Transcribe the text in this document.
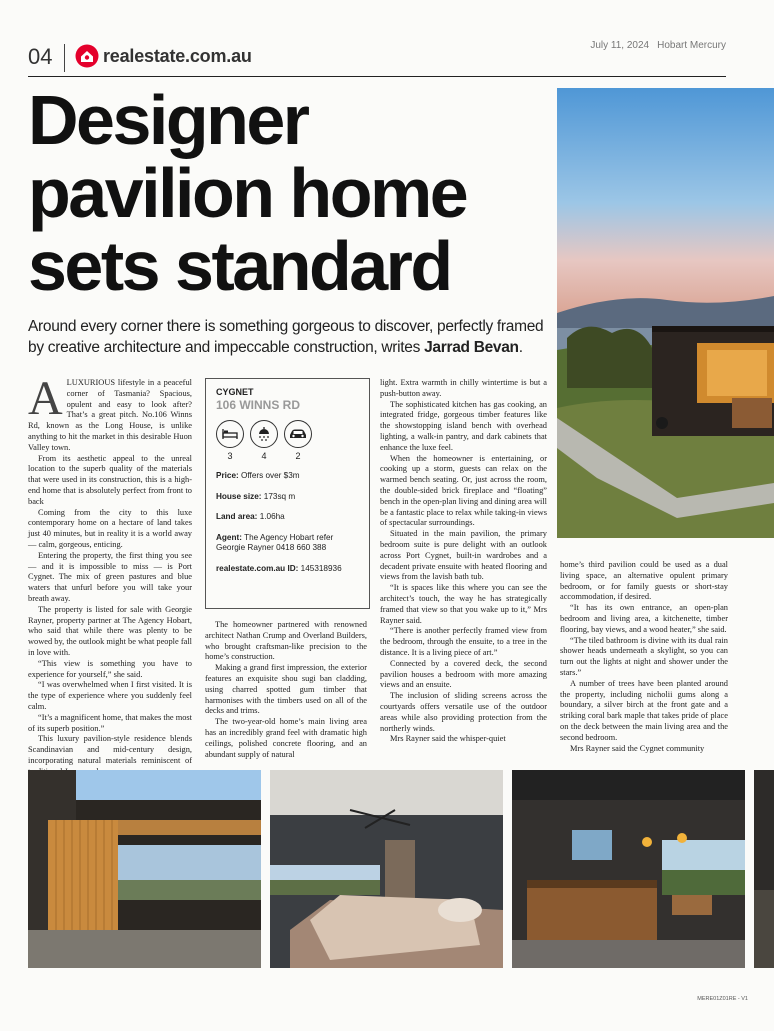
04	realestate.com.au	July 11, 2024 Hobart Mercury
Designer
pavilion home
sets standard
Around every corner there is something gorgeous to discover, perfectly framed by creative architecture and impeccable construction, writes Jarrad Bevan.
A LUXURIOUS lifestyle in a peaceful corner of Tasmania? Spacious, opulent and easy to look after? That’s a great pitch. No.106 Winns Rd, known as the Long House, is unlike anything to hit the market in this desirable Huon Valley town.

From its aesthetic appeal to the unreal location to the superb quality of the materials that were used in its construction, this is a high-end home that is absolutely perfect from front to back

Coming from the city to this luxe contemporary home on a hectare of land takes just 40 minutes, but in reality it is a world away — calm, gorgeous, enticing.

Entering the property, the first thing you see — and it is impossible to miss — is Port Cygnet. The mix of green pastures and blue waters that unfurl before you will take your breath away.

The property is listed for sale with Georgie Rayner, property partner at The Agency Hobart, who said that while there was plenty to be wowed by, the outlook might be what people fall in love with.

“This view is something you have to experience for yourself,” she said.

“I was overwhelmed when I first visited. It is the type of experience where you suddenly feel calm.

“It’s a magnificent home, that makes the most of its superb position.”

This luxury pavilion-style residence blends Scandinavian and mid-century design, incorporating natural materials reminiscent of

CYGNET
106 WINNS RD
3	4	2
Price: Offers over $3m
House size: 173sq m
Land area: 1.06ha
Agent: The Agency Hobart refer Georgie Rayner 0418 660 388
realestate.com.au ID: 145318936

The homeowner partnered with renowned architect Nathan Crump and Overland Builders, who brought craftsman-like precision to the home’s construction.

Making a grand first impression, the exterior features an exquisite shou sugi ban cladding, using charred spotted gum timber that harmonises with the timbers used on all of the decks and trims.

The two-year-old home’s main living area has an incredibly grand feel with dramatic high ceilings, polished concrete flooring, and an abundant supply of natural

light. Extra warmth in chilly wintertime is but a push-button away.

The sophisticated kitchen has gas cooking, an integrated fridge, gorgeous timber features like the showstopping island bench with overhead lighting, a walk-in pantry, and dark cabinets that enhance the luxe feel.

When the homeowner is entertaining, or cooking up a storm, guests can relax on the warmed bench seating. Or, just across the room, the double-sided brick fireplace and “floating” bench in the open-plan living and dining area will be a fantastic place to relax while taking-in views of spectacular surroundings.

Situated in the main pavilion, the primary bedroom suite is pure delight with an outlook across Port Cygnet, built-in wardrobes and a decadent private ensuite with heated flooring and views from the lavish bath tub.

“It is spaces like this where you can see the architect’s touch, the way he has strategically framed that view so that you wake up to it,” Mrs Rayner said.

“There is another perfectly framed view from the bedroom, through the ensuite, to a tree in the distance. It is a living piece of art.”

Connected by a covered deck, the second pavilion houses a bedroom with more amazing views and an ensuite.

The inclusion of sliding screens across the courtyards offers versatile use of the outdoor areas while also providing protection from the northerly winds.

Mrs Rayner said the whisper-quiet

home’s third pavilion could be used as a dual living space, an alternative opulent primary bedroom, or for family guests or short-stay accommodation, if desired.

“It has its own entrance, an open-plan bedroom and living area, a kitchenette, timber flooring, bay views, and a wood heater,” she said.

“The tiled bathroom is divine with its dual rain shower heads underneath a skylight, so you can turn out the lights at night and shower under the stars.”

A number of trees have been planted around the property, including nicholii gums along a boundary, a silver birch at the front gate and a striking coral bark maple that takes pride of place on the deck between the main living area and the second bedroom.

Mrs Rayner said the Cygnet community

MERE01Z01RE - V1
